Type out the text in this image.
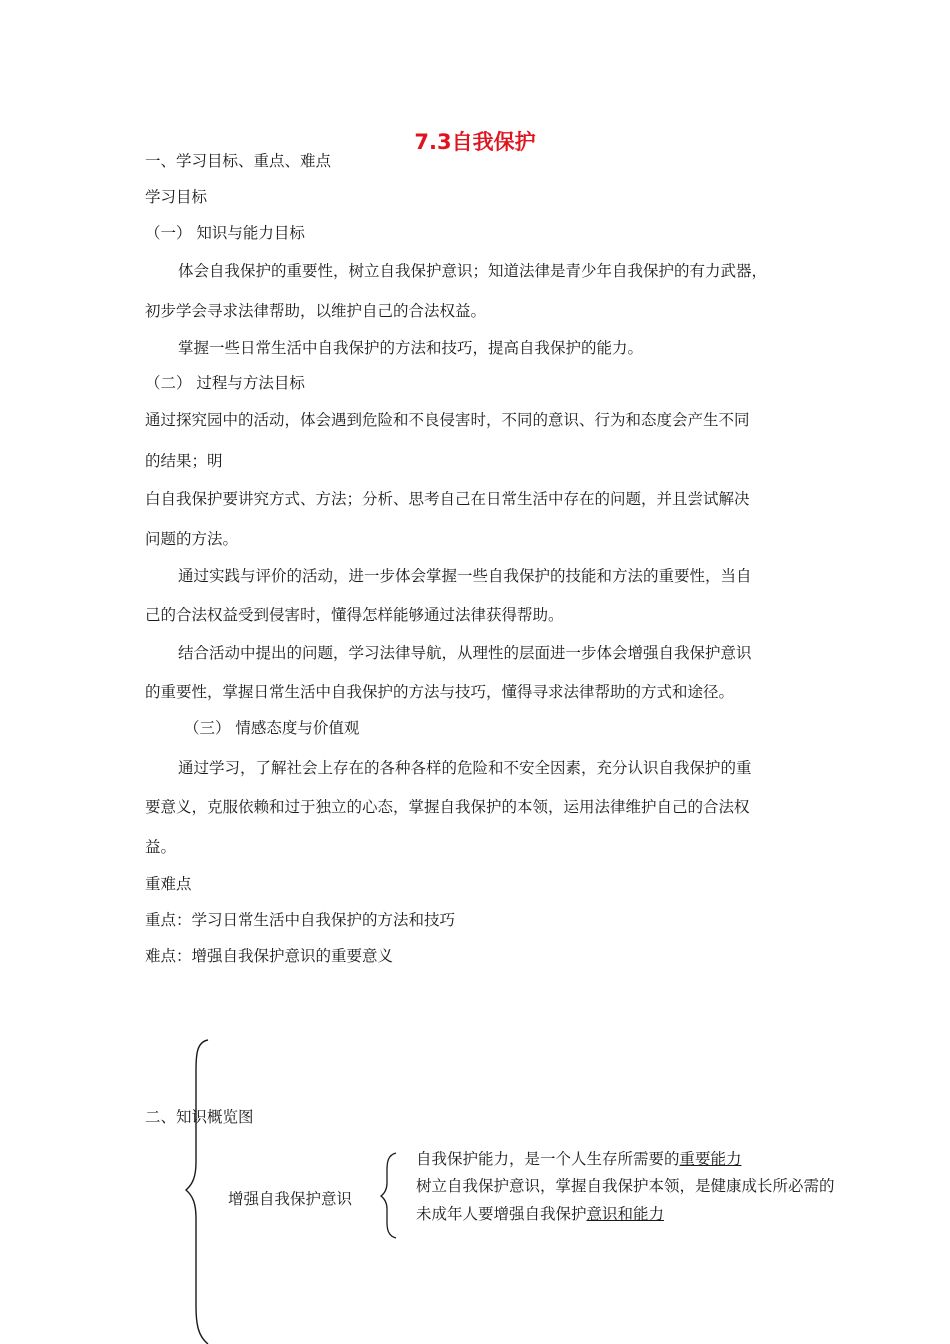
7.3自我保护
一、学习目标、重点、难点
学习目标
（一） 知识与能力目标
体会自我保护的重要性，树立自我保护意识；知道法律是青少年自我保护的有力武器，
初步学会寻求法律帮助，以维护自己的合法权益。
掌握一些日常生活中自我保护的方法和技巧，提高自我保护的能力。
（二） 过程与方法目标
通过探究园中的活动，体会遇到危险和不良侵害时，不同的意识、行为和态度会产生不同
的结果；明
白自我保护要讲究方式、方法；分析、思考自己在日常生活中存在的问题，并且尝试解决
问题的方法。
通过实践与评价的活动，进一步体会掌握一些自我保护的技能和方法的重要性，当自
己的合法权益受到侵害时，懂得怎样能够通过法律获得帮助。
结合活动中提出的问题，学习法律导航，从理性的层面进一步体会增强自我保护意识
的重要性，掌握日常生活中自我保护的方法与技巧，懂得寻求法律帮助的方式和途径。
（三） 情感态度与价值观
通过学习，了解社会上存在的各种各样的危险和不安全因素，充分认识自我保护的重
要意义，克服依赖和过于独立的心态，掌握自我保护的本领，运用法律维护自己的合法权
益。
重难点
重点：学习日常生活中自我保护的方法和技巧
难点：增强自我保护意识的重要意义
二、知识概览图
增强自我保护意识
自我保护能力，是一个人生存所需要的重要能力
树立自我保护意识，掌握自我保护本领，是健康成长所必需的
未成年人要增强自我保护意识和能力
